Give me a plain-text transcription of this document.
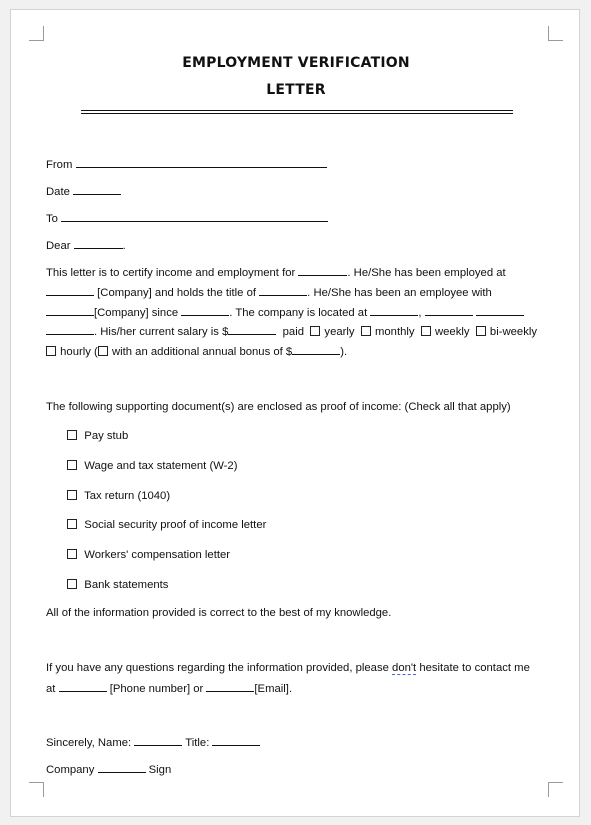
EMPLOYMENT VERIFICATION
LETTER
From
Date
To
Dear	.
This letter is to certify income and employment for	. He/She has been employed at
[Company] and holds the title of	. He/She has been an employee with
[Company] since	. The company is located at	,
. His/her current salary is $	paid yearly monthly weekly bi-weekly
hourly ( with an additional annual bonus of $	).
The following supporting document(s) are enclosed as proof of income: (Check all that apply)
Pay stub
Wage and tax statement (W-2)
Tax return (1040)
Social security proof of income letter
Workers' compensation letter
Bank statements
All of the information provided is correct to the best of my knowledge.
If you have any questions regarding the information provided, please don't hesitate to contact me
at	[Phone number] or	[Email].
Sincerely, Name:	Title:
Company	Sign
